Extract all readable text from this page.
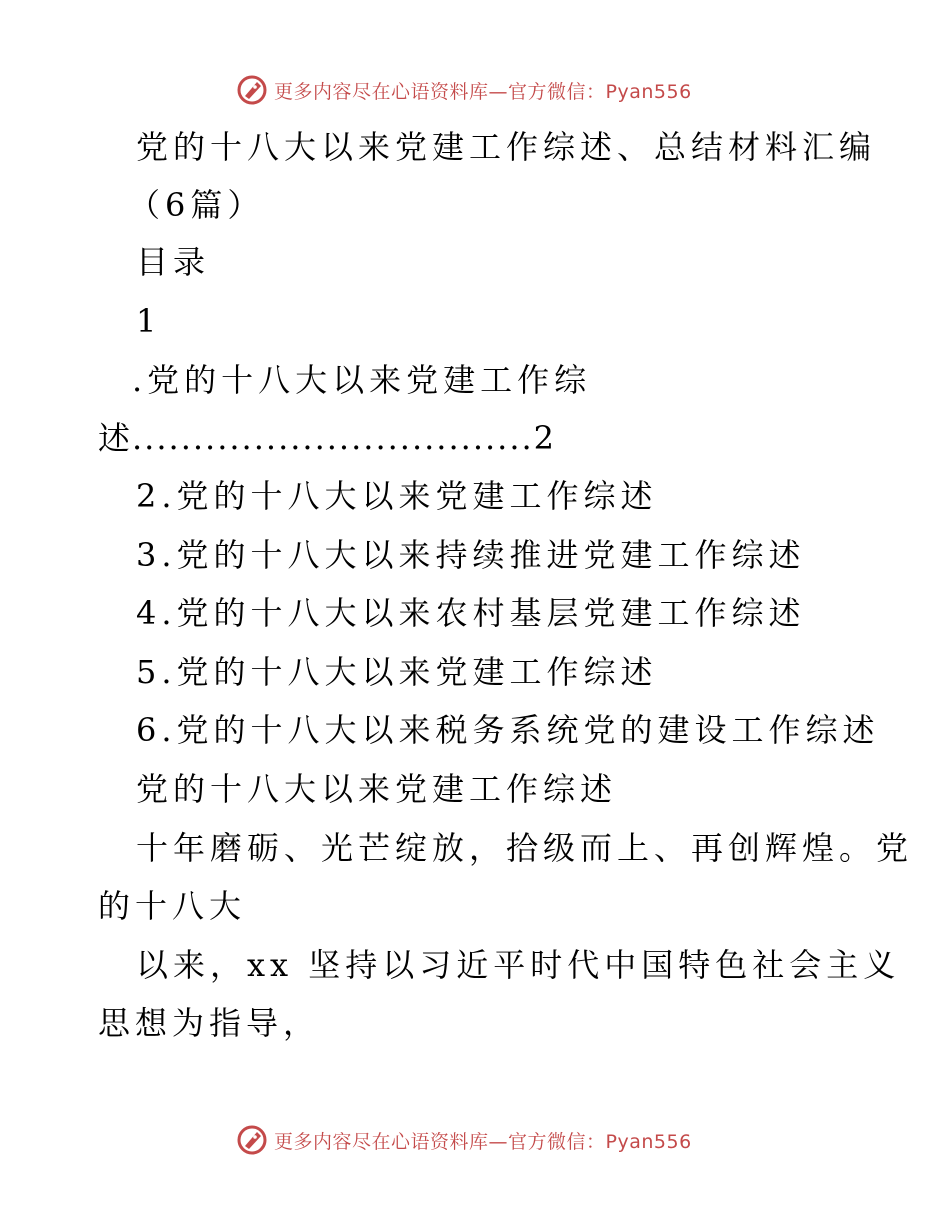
更多内容尽在心语资料库—官方微信：Pyan556
党的十八大以来党建工作综述、总结材料汇编
（6篇）
目录
1
.党的十八大以来党建工作综
述.................................2
2.党的十八大以来党建工作综述
3.党的十八大以来持续推进党建工作综述
4.党的十八大以来农村基层党建工作综述
5.党的十八大以来党建工作综述
6.党的十八大以来税务系统党的建设工作综述
党的十八大以来党建工作综述
十年磨砺、光芒绽放，拾级而上、再创辉煌。党
的十八大
以来，xx 坚持以习近平时代中国特色社会主义
思想为指导，
更多内容尽在心语资料库—官方微信：Pyan556
